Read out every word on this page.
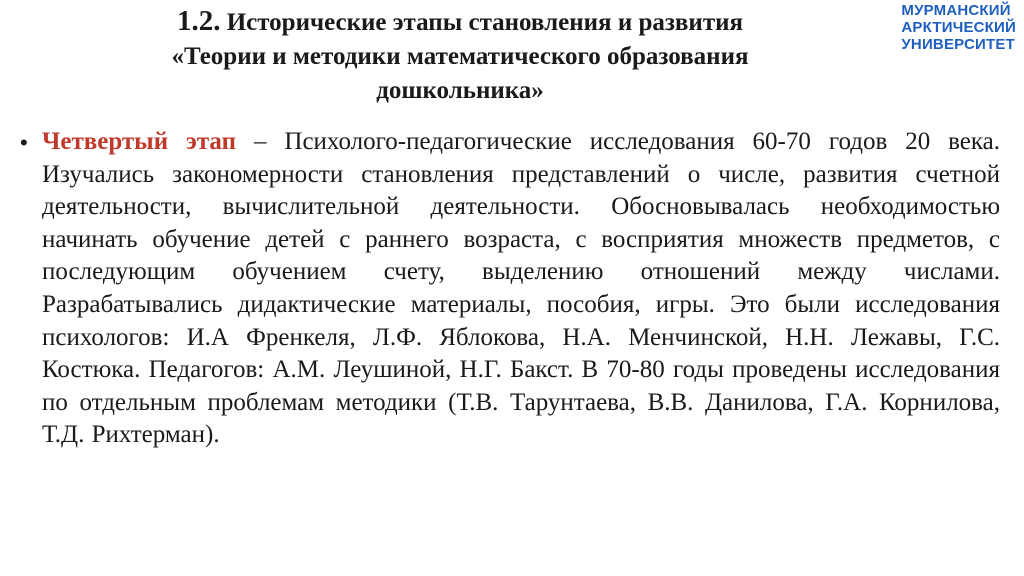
1.2. Исторические этапы становления и развития
«Теории и методики математического образования
дошкольника»
МУРМАНСКИЙ
АРКТИЧЕСКИЙ
УНИВЕРСИТЕТ
• Четвертый этап – Психолого-педагогические исследования 60-70 годов 20 века. Изучались закономерности становления представлений о числе, развития счетной деятельности, вычислительной деятельности. Обосновывалась необходимостью начинать обучение детей с раннего возраста, с восприятия множеств предметов, с последующим обучением счету, выделению отношений между числами. Разрабатывались дидактические материалы, пособия, игры. Это были исследования психологов: И.А Френкеля, Л.Ф. Яблокова, Н.А. Менчинской, Н.Н. Лежавы, Г.С. Костюка. Педагогов: А.М. Леушиной, Н.Г. Бакст. В 70-80 годы проведены исследования по отдельным проблемам методики (Т.В. Тарунтаева, В.В. Данилова, Г.А. Корнилова, Т.Д. Рихтерман).
